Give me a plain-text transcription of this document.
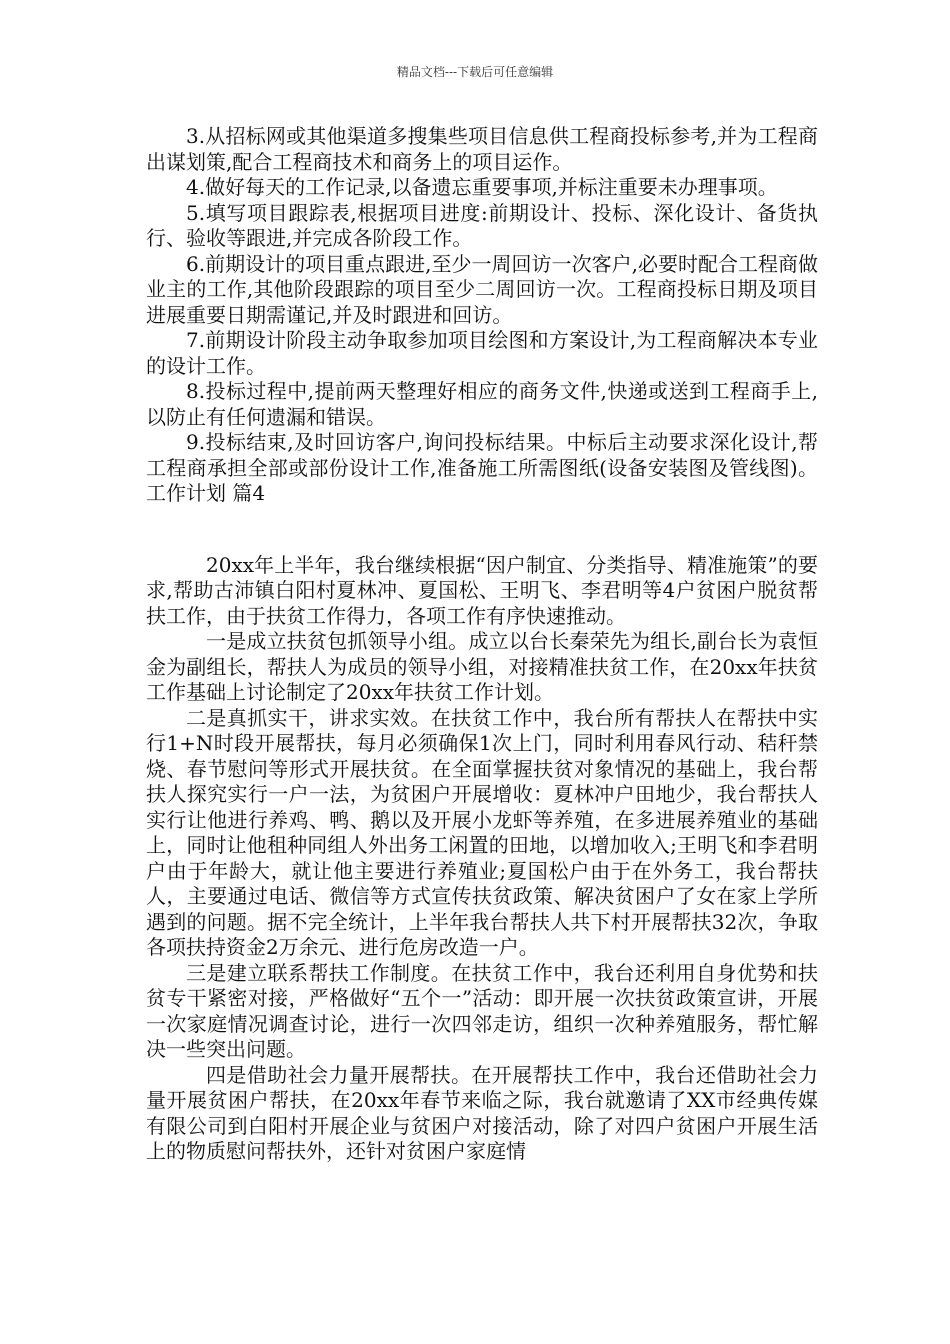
精品文档---下载后可任意编辑

3.从招标网或其他渠道多搜集些项目信息供工程商投标参考,并为工程商出谋划策,配合工程商技术和商务上的项目运作。

4.做好每天的工作记录,以备遗忘重要事项,并标注重要未办理事项。

5.填写项目跟踪表,根据项目进度:前期设计、投标、深化设计、备货执行、验收等跟进,并完成各阶段工作。

6.前期设计的项目重点跟进,至少一周回访一次客户,必要时配合工程商做业主的工作,其他阶段跟踪的项目至少二周回访一次。工程商投标日期及项目进展重要日期需谨记,并及时跟进和回访。

7.前期设计阶段主动争取参加项目绘图和方案设计,为工程商解决本专业的设计工作。

8.投标过程中,提前两天整理好相应的商务文件,快递或送到工程商手上,以防止有任何遗漏和错误。

9.投标结束,及时回访客户,询问投标结果。中标后主动要求深化设计,帮工程商承担全部或部份设计工作,准备施工所需图纸(设备安装图及管线图)。工作计划 篇4

20xx年上半年，我台继续根据“因户制宜、分类指导、精准施策”的要求,帮助古沛镇白阳村夏林冲、夏国松、王明飞、李君明等4户贫困户脱贫帮扶工作，由于扶贫工作得力，各项工作有序快速推动。

一是成立扶贫包抓领导小组。成立以台长秦荣先为组长,副台长为袁恒金为副组长，帮扶人为成员的领导小组，对接精准扶贫工作，在20xx年扶贫工作基础上讨论制定了20xx年扶贫工作计划。

二是真抓实干，讲求实效。在扶贫工作中，我台所有帮扶人在帮扶中实行1+N时段开展帮扶，每月必须确保1次上门，同时利用春风行动、秸秆禁烧、春节慰问等形式开展扶贫。在全面掌握扶贫对象情况的基础上，我台帮扶人探究实行一户一法，为贫困户开展增收：夏林冲户田地少，我台帮扶人实行让他进行养鸡、鸭、鹅以及开展小龙虾等养殖，在多进展养殖业的基础上，同时让他租种同组人外出务工闲置的田地，以增加收入;王明飞和李君明户由于年龄大，就让他主要进行养殖业;夏国松户由于在外务工，我台帮扶人，主要通过电话、微信等方式宣传扶贫政策、解决贫困户了女在家上学所遇到的问题。据不完全统计，上半年我台帮扶人共下村开展帮扶32次，争取各项扶持资金2万余元、进行危房改造一户。

三是建立联系帮扶工作制度。在扶贫工作中，我台还利用自身优势和扶贫专干紧密对接，严格做好“五个一”活动：即开展一次扶贫政策宣讲，开展一次家庭情况调查讨论，进行一次四邻走访，组织一次种养殖服务，帮忙解决一些突出问题。

四是借助社会力量开展帮扶。在开展帮扶工作中，我台还借助社会力量开展贫困户帮扶，在20xx年春节来临之际，我台就邀请了XX市经典传媒有限公司到白阳村开展企业与贫困户对接活动，除了对四户贫困户开展生活上的物质慰问帮扶外，还针对贫困户家庭情
